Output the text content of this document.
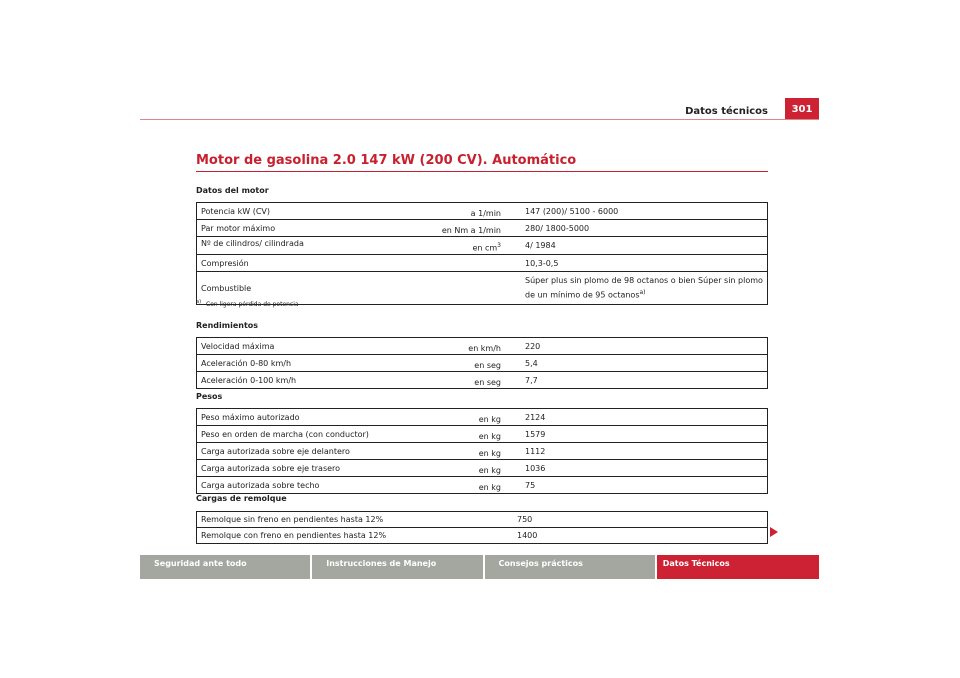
Datos técnicos	301
Motor de gasolina 2.0 147 kW (200 CV). Automático
Datos del motor
Potencia kW (CV)	a 1/min		147 (200)/ 5100 - 6000
Par motor máximo	en Nm a 1/min		280/ 1800-5000
Nº de cilindros/ cilindrada	en $cm^3$		4/ 1984
Compresión			10,3-0,5
Combustible			Súper plus sin plomo de 98 octanos o bien Súper sin plomo de un mínimo de 95 octanos$^{a)}$
$^{a)}$ Con ligera pérdida de potencia
Rendimientos
Velocidad máxima	en km/h		220
Aceleración 0-80 km/h	en seg		5,4
Aceleración 0-100 km/h	en seg		7,7
Pesos
Peso máximo autorizado	en kg		2124
Peso en orden de marcha (con conductor)	en kg		1579
Carga autorizada sobre eje delantero	en kg		1112
Carga autorizada sobre eje trasero	en kg		1036
Carga autorizada sobre techo	en kg		75
Cargas de remolque
Remolque sin freno en pendientes hasta 12%		750
Remolque con freno en pendientes hasta 12%		1400
Seguridad ante todo	Instrucciones de Manejo	Consejos prácticos	Datos Técnicos
